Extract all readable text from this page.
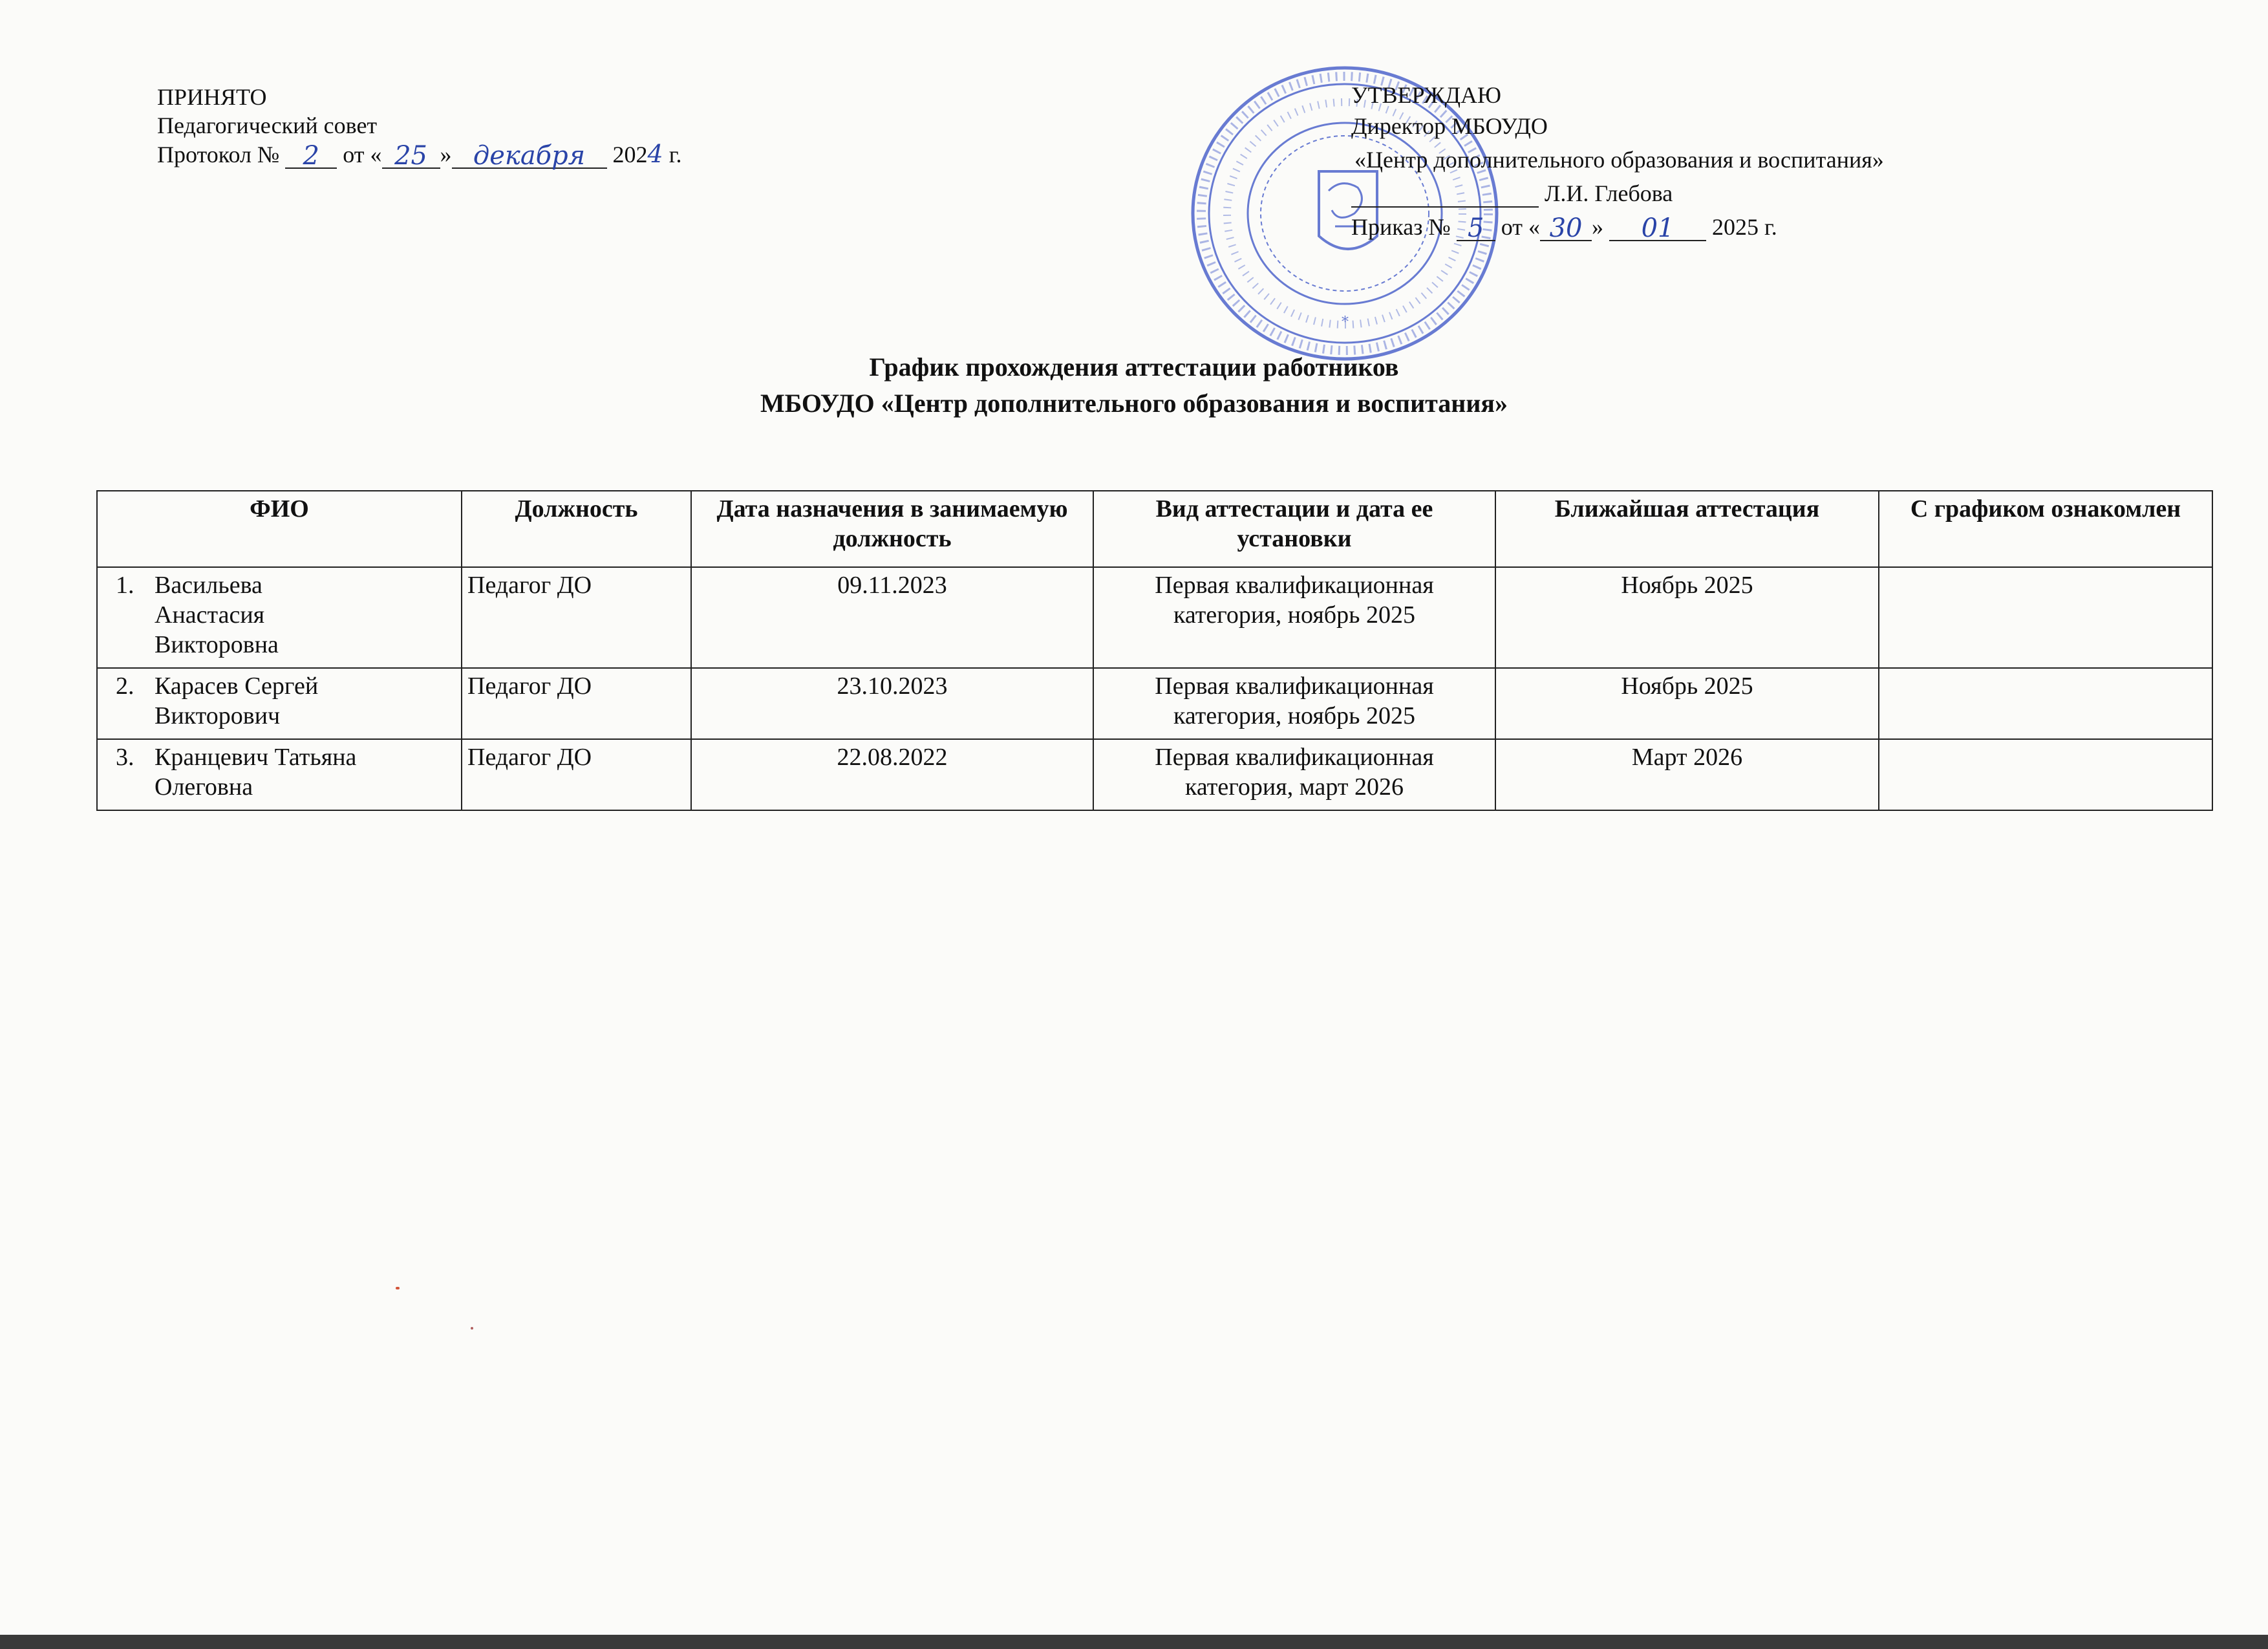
ПРИНЯТО
Педагогический совет
Протокол № 2 от « 25 » декабря 2024 г.
*
УТВЕРЖДАЮ
Директор МБОУДО
«Центр дополнительного образования и воспитания»
Л.И. Глебова
Приказ № 5 от « 30 » 01 2025 г.
График прохождения аттестации работников
МБОУДО «Центр дополнительного образования и воспитания»
ФИО	Должность	Дата назначения в занимаемую должность	Вид аттестации и дата ее установки	Ближайшая аттестация	С графиком ознакомлен
1. Васильева
Анастасия
Викторовна	Педагог ДО	09.11.2023	Первая квалификационная категория, ноябрь 2025	Ноябрь 2025	
2. Карасев Сергей
Викторович	Педагог ДО	23.10.2023	Первая квалификационная категория, ноябрь 2025	Ноябрь 2025	
3. Кранцевич Татьяна
Олеговна	Педагог ДО	22.08.2022	Первая квалификационная категория, март 2026	Март 2026	
